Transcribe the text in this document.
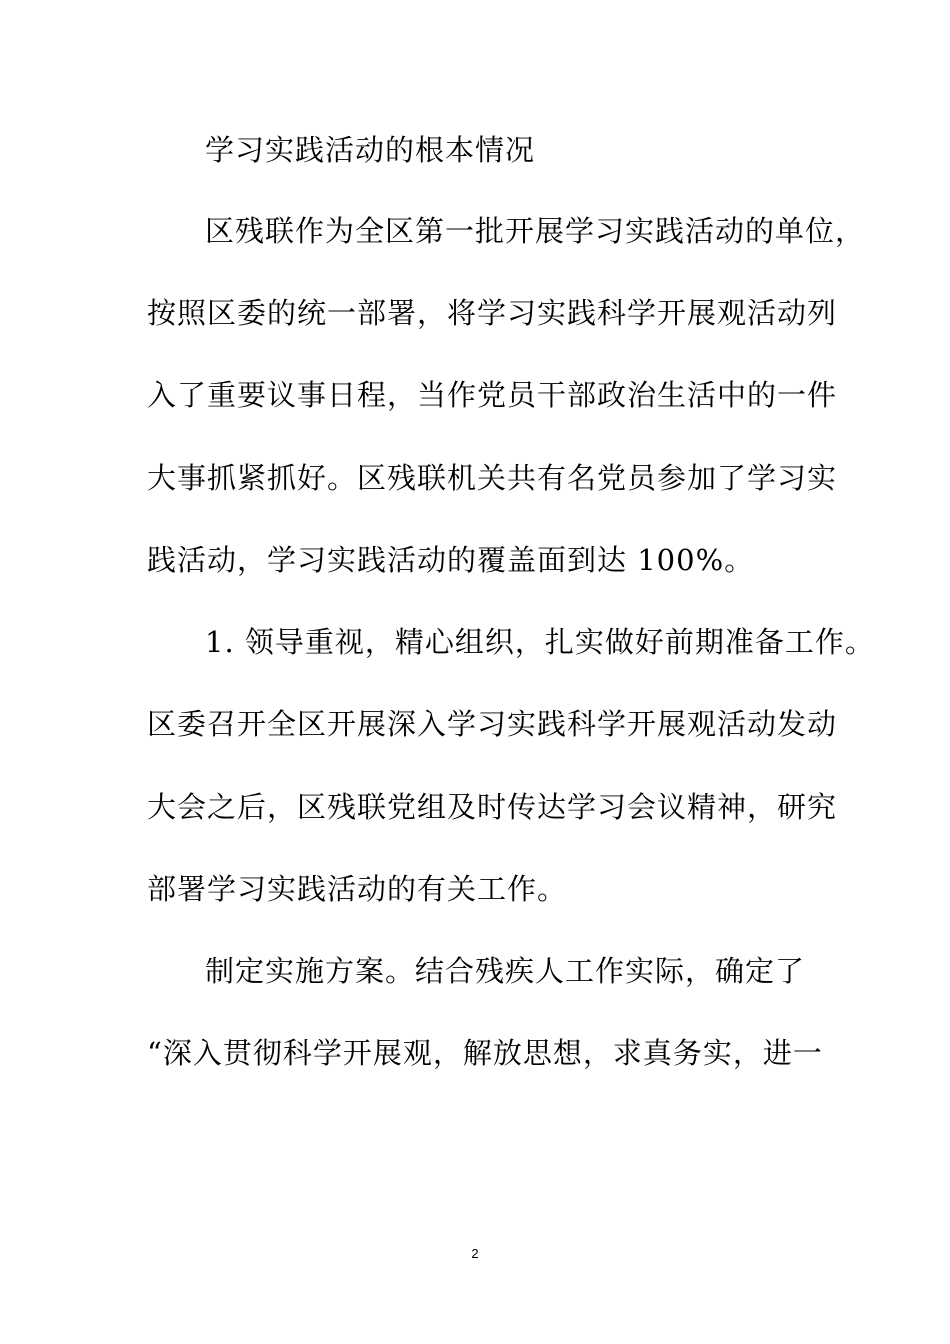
学习实践活动的根本情况
区残联作为全区第一批开展学习实践活动的单位，
按照区委的统一部署，将学习实践科学开展观活动列
入了重要议事日程，当作党员干部政治生活中的一件
大事抓紧抓好。区残联机关共有名党员参加了学习实
践活动，学习实践活动的覆盖面到达 100%。
1. 领导重视，精心组织，扎实做好前期准备工作。
区委召开全区开展深入学习实践科学开展观活动发动
大会之后，区残联党组及时传达学习会议精神，研究
部署学习实践活动的有关工作。
制定实施方案。结合残疾人工作实际，确定了
“深入贯彻科学开展观，解放思想，求真务实，进一
2
